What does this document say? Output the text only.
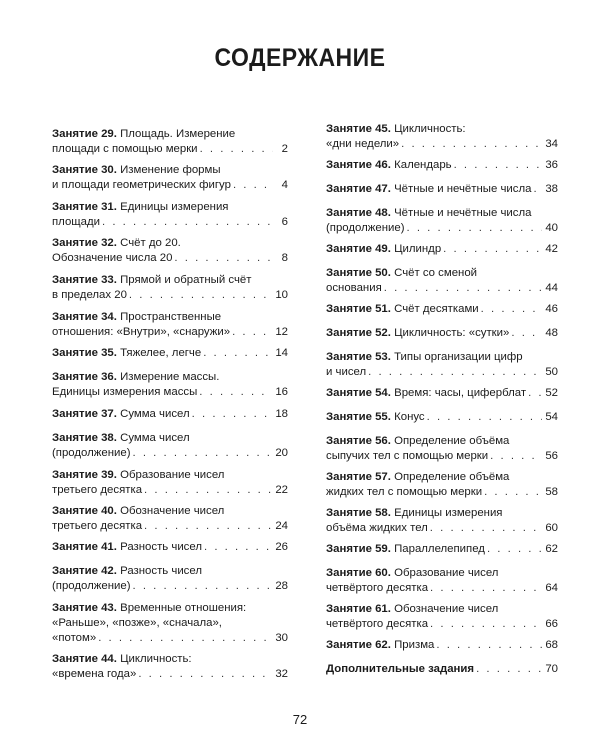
СОДЕРЖАНИЕ
Занятие 29.
Площадь. Измерение
площади с помощью мерки . . .	2
Занятие 30.
Изменение формы
и площади геометрических фигур . . .	4
Занятие 31.
Единицы измерения
площади . . .	6
Занятие 32.
Счёт до 20.
Обозначение числа 20 . . .	8
Занятие 33.
Прямой и обратный счёт
в пределах 20 . . .	10
Занятие 34.
Пространственные
отношения: «Внутри», «снаружи» . . .	12
Занятие 35.
Тяжелее, легче . . .	14
Занятие 36.
Измерение массы.
Единицы измерения массы . . .	16
Занятие 37.
Сумма чисел . . .	18
Занятие 38.
Сумма чисел
(продолжение) . . .	20
Занятие 39.
Образование чисел
третьего десятка . . .	22
Занятие 40.
Обозначение чисел
третьего десятка . . .	24
Занятие 41.
Разность чисел . . .	26
Занятие 42.
Разность чисел
(продолжение) . . .	28
Занятие 43.
Временные отношения:
«Раньше», «позже», «сначала»,
«потом» . . .	30
Занятие 44.
Цикличность:
«времена года» . . .	32
Занятие 45.
Цикличность:
«дни недели» . . .	34
Занятие 46.
Календарь . . .	36
Занятие 47.
Чётные и нечётные числа . . . 38
Занятие 48.
Чётные и нечётные числа
(продолжение) . . .	40
Занятие 49.
Цилиндр . . .	42
Занятие 50.
Счёт со сменой
основания . . .	44
Занятие 51.
Счёт десятками . . .	46
Занятие 52.
Цикличность: «сутки» . . .	48
Занятие 53.
Типы организации цифр
и чисел . . .	50
Занятие 54.
Время: часы, циферблат . . . 52
Занятие 55.
Конус . . .	54
Занятие 56.
Определение объёма
сыпучих тел с помощью мерки . . .	56
Занятие 57.
Определение объёма
жидких тел с помощью мерки . . .	58
Занятие 58.
Единицы измерения
объёма жидких тел . . .	60
Занятие 59.
Параллелепипед . . .	62
Занятие 60.
Образование чисел
четвёртого десятка . . .	64
Занятие 61.
Обозначение чисел
четвёртого десятка . . .	66
Занятие 62.
Призма . . .	68
Дополнительные задания . . .	70
72
